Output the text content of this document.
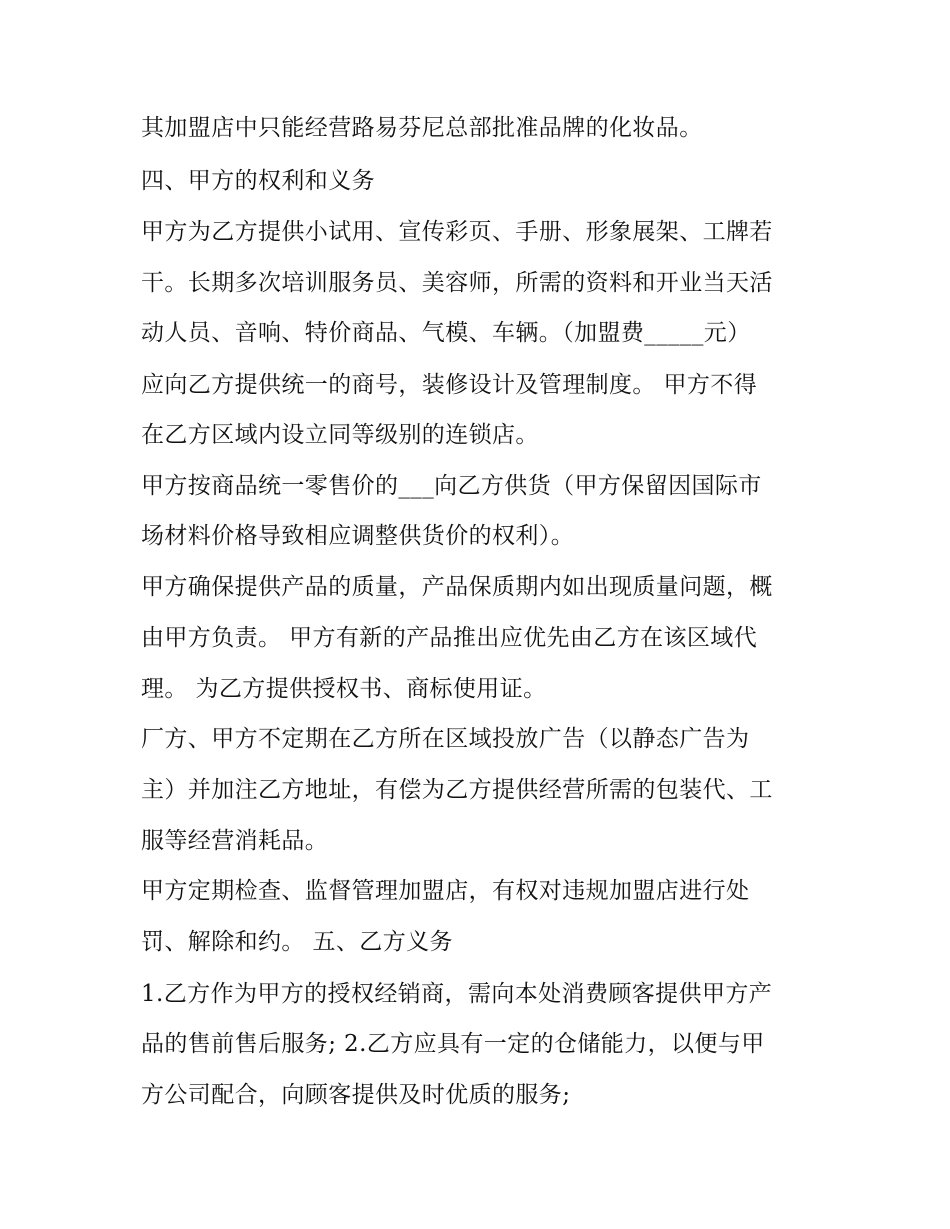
其加盟店中只能经营路易芬尼总部批准品牌的化妆品。
四、甲方的权利和义务
甲方为乙方提供小试用、宣传彩页、手册、形象展架、工牌若
干。长期多次培训服务员、美容师，所需的资料和开业当天活
动人员、音响、特价商品、气模、车辆。（加盟费_____元）
应向乙方提供统一的商号，装修设计及管理制度。 甲方不得
在乙方区域内设立同等级别的连锁店。
甲方按商品统一零售价的___向乙方供货（甲方保留因国际市
场材料价格导致相应调整供货价的权利）。
甲方确保提供产品的质量，产品保质期内如出现质量问题，概
由甲方负责。 甲方有新的产品推出应优先由乙方在该区域代
理。 为乙方提供授权书、商标使用证。
厂方、甲方不定期在乙方所在区域投放广告（以静态广告为
主）并加注乙方地址，有偿为乙方提供经营所需的包装代、工
服等经营消耗品。
甲方定期检查、监督管理加盟店，有权对违规加盟店进行处
罚、解除和约。 五、乙方义务
1.乙方作为甲方的授权经销商，需向本处消费顾客提供甲方产
品的售前售后服务; 2.乙方应具有一定的仓储能力，以便与甲
方公司配合，向顾客提供及时优质的服务;
